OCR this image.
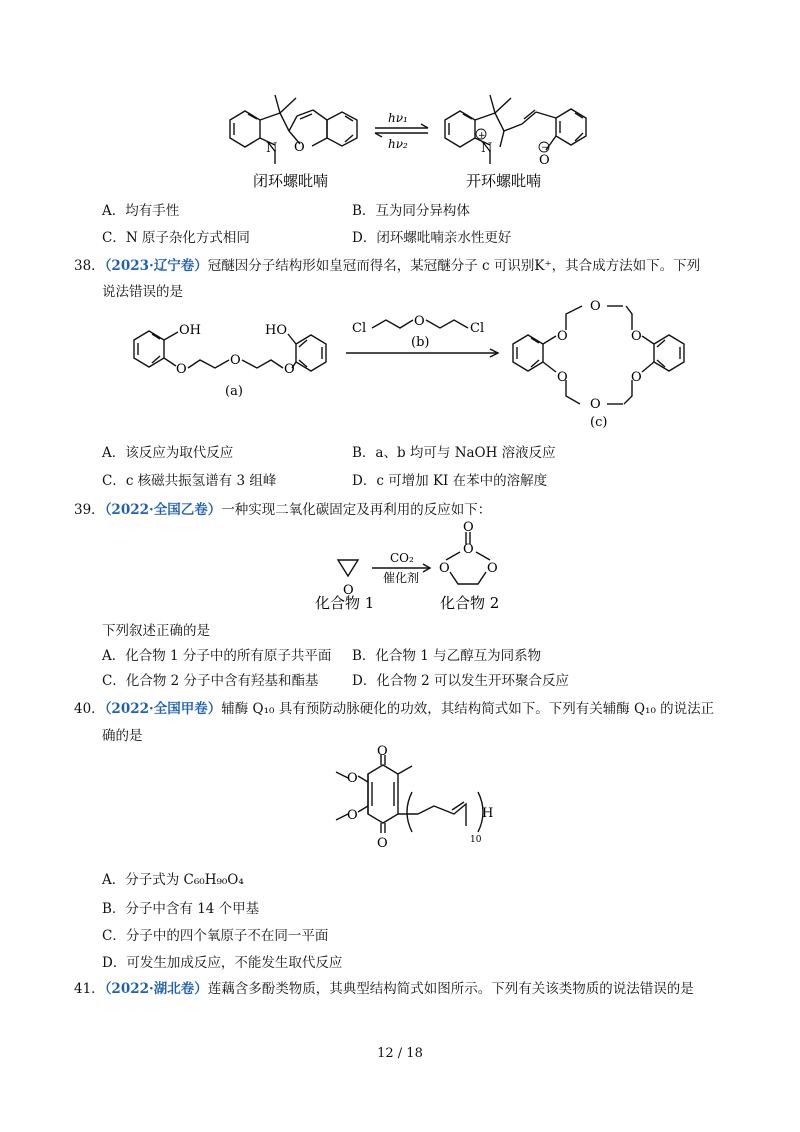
N O	N
O
+
−
hν₁
hν₂
闭环螺吡喃	开环螺吡喃
A．均有手性	B．互为同分异构体
C．N 原子杂化方式相同	D．闭环螺吡喃亲水性更好
38．（2023·辽宁卷）冠醚因分子结构形如皇冠而得名，某冠醚分子 c 可识别K⁺，其合成方法如下。下列
说法错误的是
OH	HO
O
O
O
(a)
Cl	O	Cl
(b)	O
O
O
O
O
O
(c)
A．该反应为取代反应	B．a、b 均可与 NaOH 溶液反应
C．c 核磁共振氢谱有 3 组峰	D．c 可增加 KI 在苯中的溶解度
39．（2022·全国乙卷）一种实现二氧化碳固定及再利用的反应如下：
O
CO₂
催化剂
O
O
O	O
化合物 1	化合物 2
下列叙述正确的是
A．化合物 1 分子中的所有原子共平面 B．化合物 1 与乙醇互为同系物
C．化合物 2 分子中含有羟基和酯基 D．化合物 2 可以发生开环聚合反应
40．（2022·全国甲卷）辅酶 Q₁₀ 具有预防动脉硬化的功效，其结构简式如下。下列有关辅酶 Q₁₀ 的说法正
确的是
O
O
O
O	H
10
A．分子式为 C₆₀H₉₀O₄
B．分子中含有 14 个甲基
C．分子中的四个氧原子不在同一平面
D．可发生加成反应，不能发生取代反应
41．（2022·湖北卷）莲藕含多酚类物质，其典型结构简式如图所示。下列有关该类物质的说法错误的是
12 / 18
